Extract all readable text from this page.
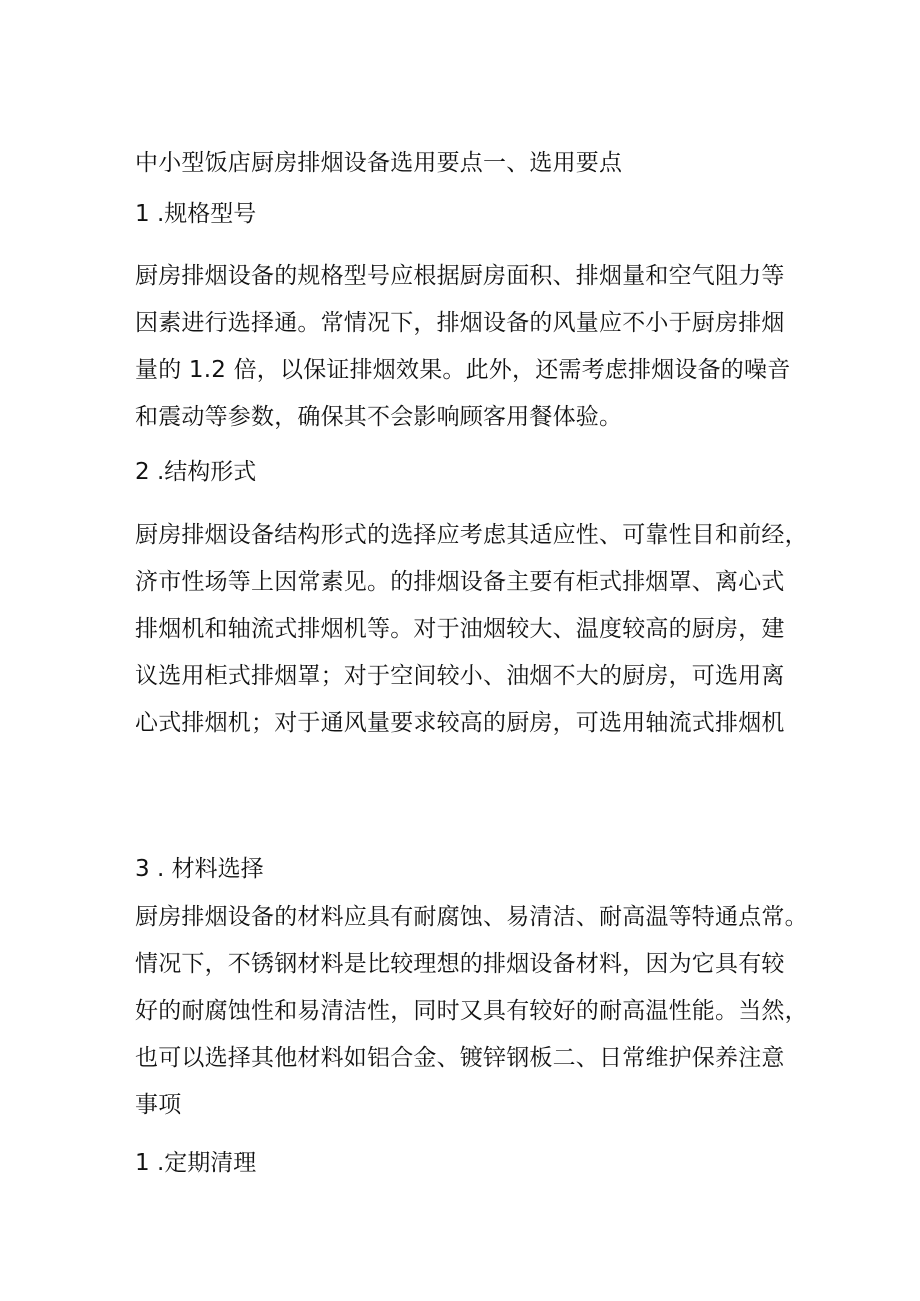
中小型饭店厨房排烟设备选用要点一、选用要点
1 .规格型号
厨房排烟设备的规格型号应根据厨房面积、排烟量和空气阻力等
因素进行选择通。常情况下，排烟设备的风量应不小于厨房排烟
量的 1.2 倍，以保证排烟效果。此外，还需考虑排烟设备的噪音
和震动等参数，确保其不会影响顾客用餐体验。
2 .结构形式
厨房排烟设备结构形式的选择应考虑其适应性、可靠性目和前经，
济市性场等上因常素见。的排烟设备主要有柜式排烟罩、离心式
排烟机和轴流式排烟机等。对于油烟较大、温度较高的厨房，建
议选用柜式排烟罩；对于空间较小、油烟不大的厨房，可选用离
心式排烟机；对于通风量要求较高的厨房，可选用轴流式排烟机
3 . 材料选择
厨房排烟设备的材料应具有耐腐蚀、易清洁、耐高温等特通点常。
情况下，不锈钢材料是比较理想的排烟设备材料，因为它具有较
好的耐腐蚀性和易清洁性，同时又具有较好的耐高温性能。当然，
也可以选择其他材料如铝合金、镀锌钢板二、日常维护保养注意
事项
1 .定期清理
